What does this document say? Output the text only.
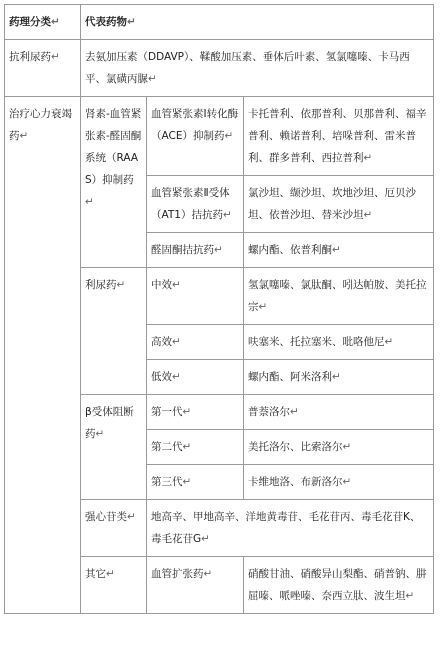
药理分类↵	代表药物↵		
抗利尿药↵	去氨加压素（DDAVP）、鞣酸加压素、垂体后叶素、氢氯噻嗪、卡马西平、氯磺丙脲↵		
治疗心力衰竭药↵	肾素-血管紧张素-醛固酮系统（RAAS）抑制药↵	血管紧张素Ⅰ转化酶（ACE）抑制药↵	卡托普利、依那普利、贝那普利、福辛普利、赖诺普利、培哚普利、雷米普利、群多普利、西拉普利↵
		血管紧张素Ⅱ受体（AT1）拮抗药↵	氯沙坦、缬沙坦、坎地沙坦、厄贝沙坦、依普沙坦、替米沙坦↵
		醛固酮拮抗药↵	螺内酯、依普利酮↵
	利尿药↵	中效↵	氢氯噻嗪、氯肽酮、吲达帕胺、美托拉宗↵
		高效↵	呋塞米、托拉塞米、吡咯他尼↵
		低效↵	螺内酯、阿米洛利↵
	β受体阻断药↵	第一代↵	普萘洛尔↵
		第二代↵	美托洛尔、比索洛尔↵
		第三代↵	卡维地洛、布新洛尔↵
	强心苷类↵	地高辛、甲地高辛、洋地黄毒苷、毛花苷丙、毒毛花苷K、毒毛花苷G↵	
	其它↵	血管扩张药↵	硝酸甘油、硝酸异山梨酯、硝普钠、肼屈嗪、哌唑嗪、奈西立肽、波生坦↵
